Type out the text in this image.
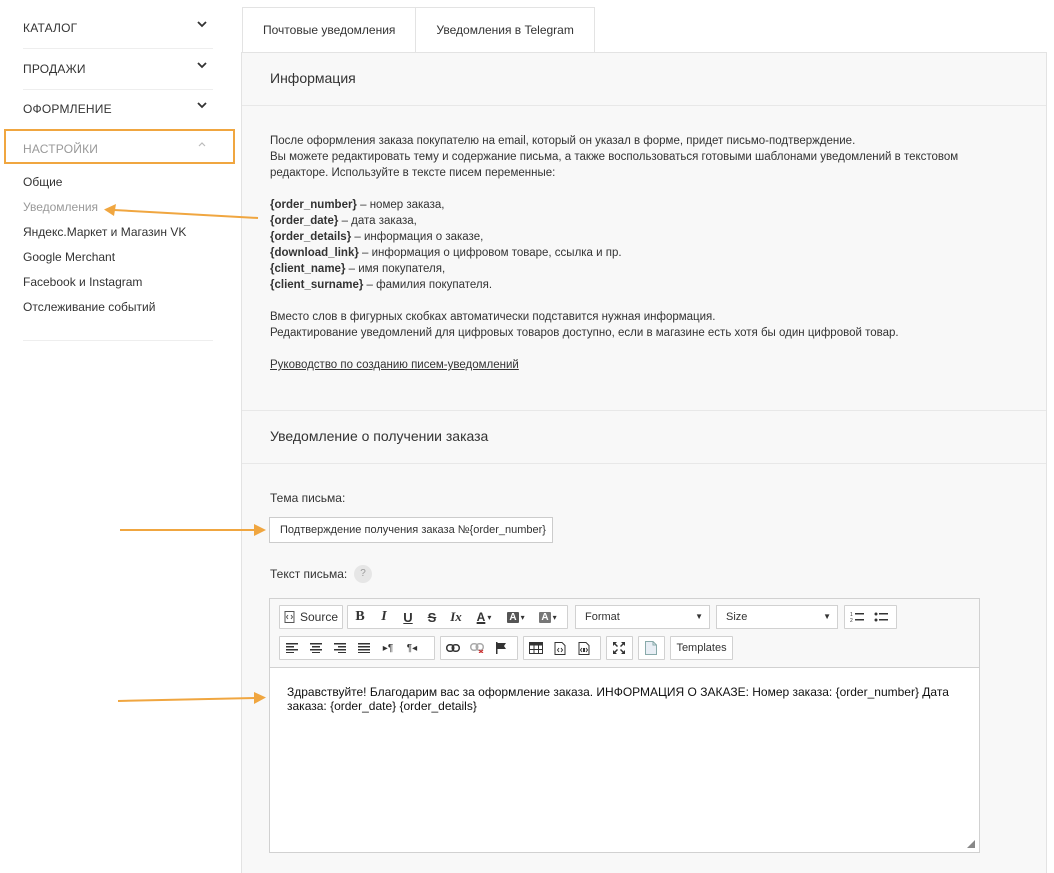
КАТАЛОГ
ПРОДАЖИ
ОФОРМЛЕНИЕ
НАСТРОЙКИ
Общие
Уведомления
Яндекс.Маркет и Магазин VK
Google Merchant
Facebook и Instagram
Отслеживание событий
Почтовые уведомления	Уведомления в Telegram
Информация

После оформления заказа покупателю на email, который он указал в форме, придет письмо-подтверждение.

Вы можете редактировать тему и содержание письма, а также воспользоваться готовыми шаблонами уведомлений в текстовом редакторе. Используйте в тексте писем переменные:

{order_number} – номер заказа,

{order_date} – дата заказа,

{order_details} – информация о заказе,

{download_link} – информация о цифровом товаре, ссылка и пр.

{client_name} – имя покупателя,

{client_surname} – фамилия покупателя.

Вместо слов в фигурных скобках автоматически подставится нужная информация.

Редактирование уведомлений для цифровых товаров доступно, если в магазине есть хотя бы один цифровой товар.

Руководство по созданию писем-уведомлений

Уведомление о получении заказа
Тема письма:
Подтверждение получения заказа №{order_number}
Текст письма:	?
Source	B	I	U	S	Ix	A ▾ A ▾ A ▾	Format	▼	Size	▼	1
2
▸¶ ¶◂	Templates
Здравствуйте! Благодарим вас за оформление заказа. ИНФОРМАЦИЯ О ЗАКАЗЕ: Номер заказа: {order_number} Дата заказа: {order_date} {order_details}
